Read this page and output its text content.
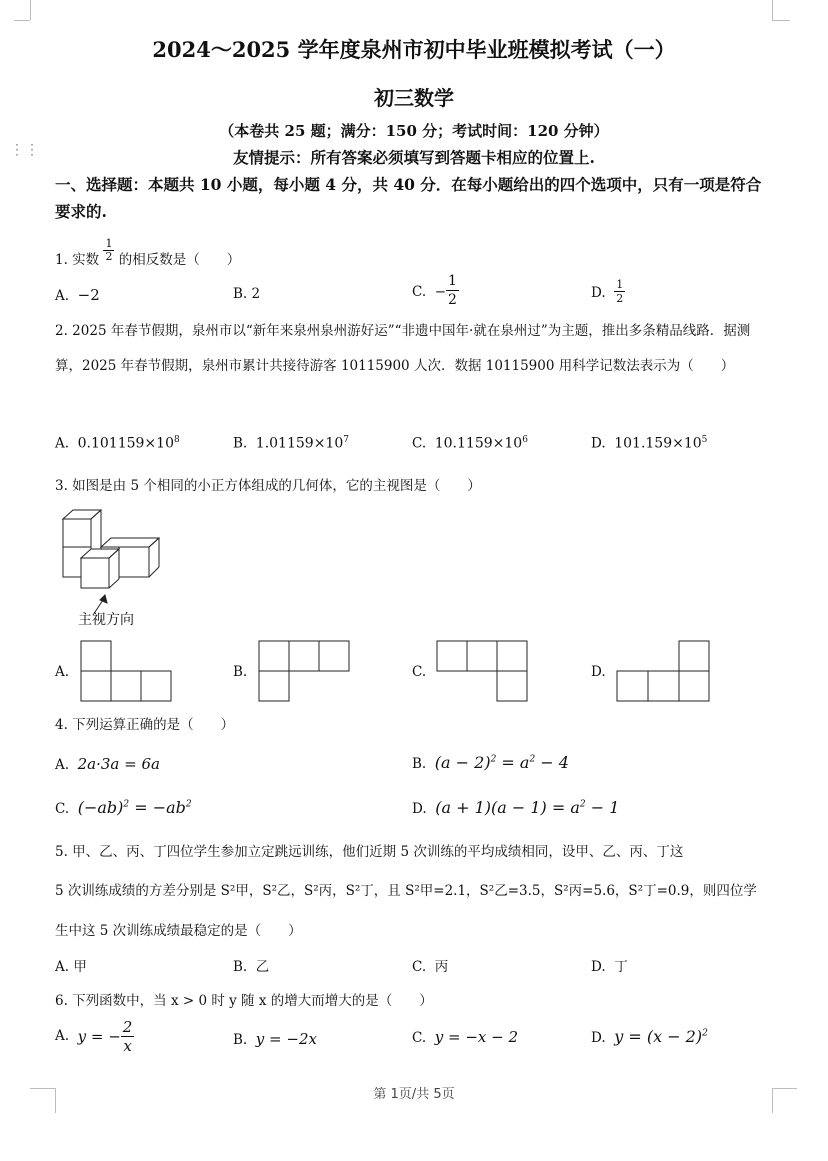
⋮⋮
2024～2025 学年度泉州市初中毕业班模拟考试（一）
初三数学
（本卷共 25 题；满分：150 分；考试时间：120 分钟）
友情提示：所有答案必须填写到答题卡相应的位置上.
一、选择题：本题共 10 小题，每小题 4 分，共 40 分．在每小题给出的四个选项中，只有一项是符合要求的.
1. 实数 $\frac{1}{2}$ 的相反数是（　　）
A. −2	B. 2	C. − $\frac{1}{2}$	D. $\frac{1}{2}$
2. 2025 年春节假期，泉州市以“新年来泉州泉州游好运”“非遗中国年·就在泉州过”为主题，推出多条精品线路．据测算，2025 年春节假期，泉州市累计共接待游客 10115900 人次．数据 10115900 用科学记数法表示为（　　）
A.  $0.101159\times 10^8$	B.  $1.01159\times 10^7$	C.  $10.1159\times 10^6$	D.  $101.159\times 10^5$
3. 如图是由 5 个相同的小正方体组成的几何体，它的主视图是（　　）
主视方向
A.	B.	C.	D.
4. 下列运算正确的是（　　）
A.  2a·3a = 6a	B.  $(a - 2)^2 = a^2 - 4$
C.  $(-ab)^2 = -ab^2$	D.  $(a + 1)(a - 1) = a^2 - 1$
5. 甲、乙、丙、丁四位学生参加立定跳远训练，他们近期 5 次训练的平均成绩相同，设甲、乙、丙、丁这
5 次训练成绩的方差分别是 S²甲，S²乙，S²丙，S²丁，且 S²甲=2.1，S²乙=3.5，S²丙=5.6，S²丁=0.9，则四位学
生中这 5 次训练成绩最稳定的是（　　）
A. 甲	B.  乙	C.  丙	D.  丁
6. 下列函数中，当 x > 0 时 y 随 x 的增大而增大的是（　　）
A.  y = − $\frac{2}{x}$	B.  y = −2x	C.  y = −x − 2	D.  $y = (x - 2)^2$
第 1页/共 5页
